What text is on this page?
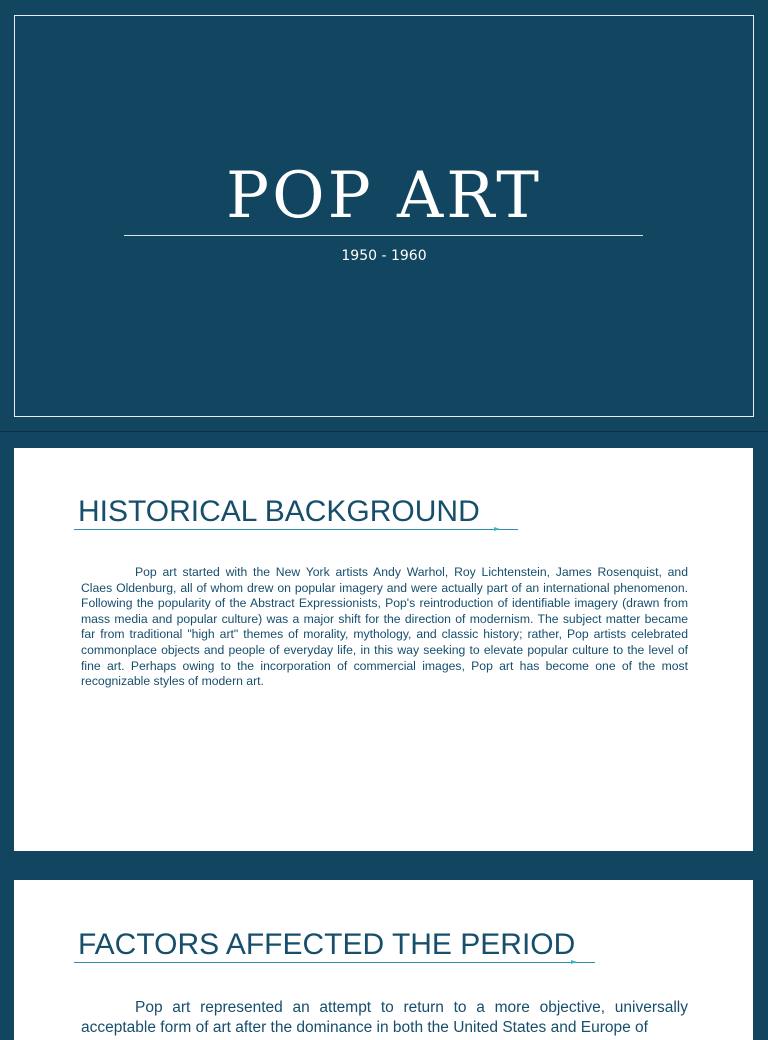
POP ART
1950 - 1960
HISTORICAL BACKGROUND

Pop art started with the New York artists Andy Warhol, Roy Lichtenstein, James Rosenquist, and Claes Oldenburg, all of whom drew on popular imagery and were actually part of an international phenomenon. Following the popularity of the Abstract Expressionists, Pop's reintroduction of identifiable imagery (drawn from mass media and popular culture) was a major shift for the direction of modernism. The subject matter became far from traditional "high art" themes of morality, mythology, and classic history; rather, Pop artists celebrated commonplace objects and people of everyday life, in this way seeking to elevate popular culture to the level of fine art. Perhaps owing to the incorporation of commercial images, Pop art has become one of the most recognizable styles of modern art.

FACTORS AFFECTED THE PERIOD

Pop art represented an attempt to return to a more objective, universally acceptable form of art after the dominance in both the United States and Europe of
